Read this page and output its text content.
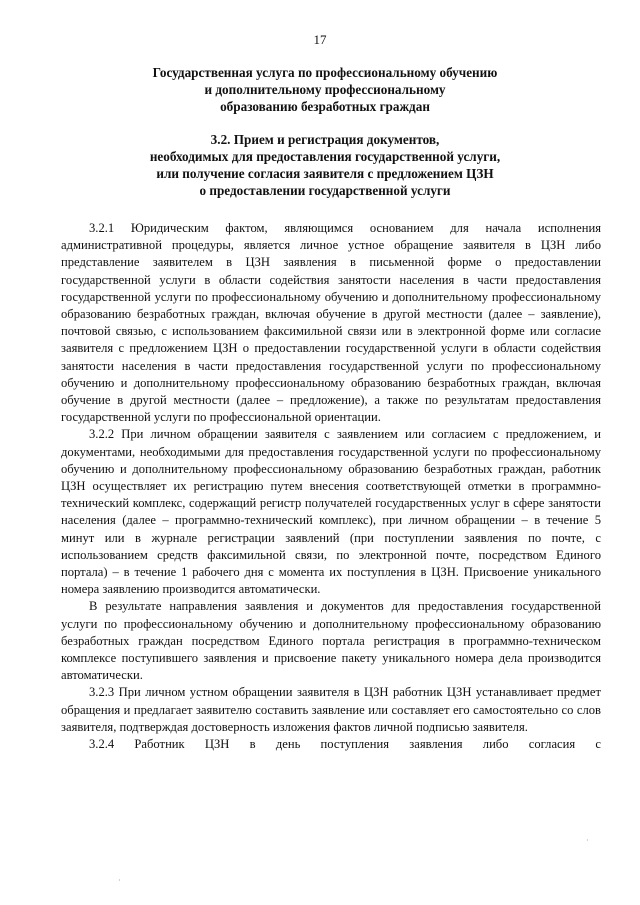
17
Государственная услуга по профессиональному обучению
и дополнительному профессиональному
образованию безработных граждан
3.2. Прием и регистрация документов,
необходимых для предоставления государственной услуги,
или получение согласия заявителя с предложением ЦЗН
о предоставлении государственной услуги

3.2.1 Юридическим фактом, являющимся основанием для начала исполнения административной процедуры, является личное устное обращение заявителя в ЦЗН либо представление заявителем в ЦЗН заявления в письменной форме о предоставлении государственной услуги в области содействия занятости населения в части предоставления государственной услуги по профессиональному обучению и дополнительному профессиональному образованию безработных граждан, включая обучение в другой местности (далее – заявление), почтовой связью, с использованием факсимильной связи или в электронной форме или согласие заявителя с предложением ЦЗН о предоставлении государственной услуги в области содействия занятости населения в части предоставления государственной услуги по профессиональному обучению и дополнительному профессиональному образованию безработных граждан, включая обучение в другой местности (далее – предложение), а также по результатам предоставления государственной услуги по профессиональной ориентации.

3.2.2 При личном обращении заявителя с заявлением или согласием с предложением, и документами, необходимыми для предоставления государственной услуги по профессиональному обучению и дополнительному профессиональному образованию безработных граждан, работник ЦЗН осуществляет их регистрацию путем внесения соответствующей отметки в программно-технический комплекс, содержащий регистр получателей государственных услуг в сфере занятости населения (далее – программно-технический комплекс), при личном обращении – в течение 5 минут или в журнале регистрации заявлений (при поступлении заявления по почте, с использованием средств факсимильной связи, по электронной почте, посредством Единого портала) – в течение 1 рабочего дня с момента их поступления в ЦЗН. Присвоение уникального номера заявлению производится автоматически.

В результате направления заявления и документов для предоставления государственной услуги по профессиональному обучению и дополнительному профессиональному образованию безработных граждан посредством Единого портала регистрация в программно-техническом комплексе поступившего заявления и присвоение пакету уникального номера дела производится автоматически.

3.2.3 При личном устном обращении заявителя в ЦЗН работник ЦЗН устанавливает предмет обращения и предлагает заявителю составить заявление или составляет его самостоятельно со слов заявителя, подтверждая достоверность изложения фактов личной подписью заявителя.

3.2.4 Работник ЦЗН в день поступления заявления либо согласия с

·
·
